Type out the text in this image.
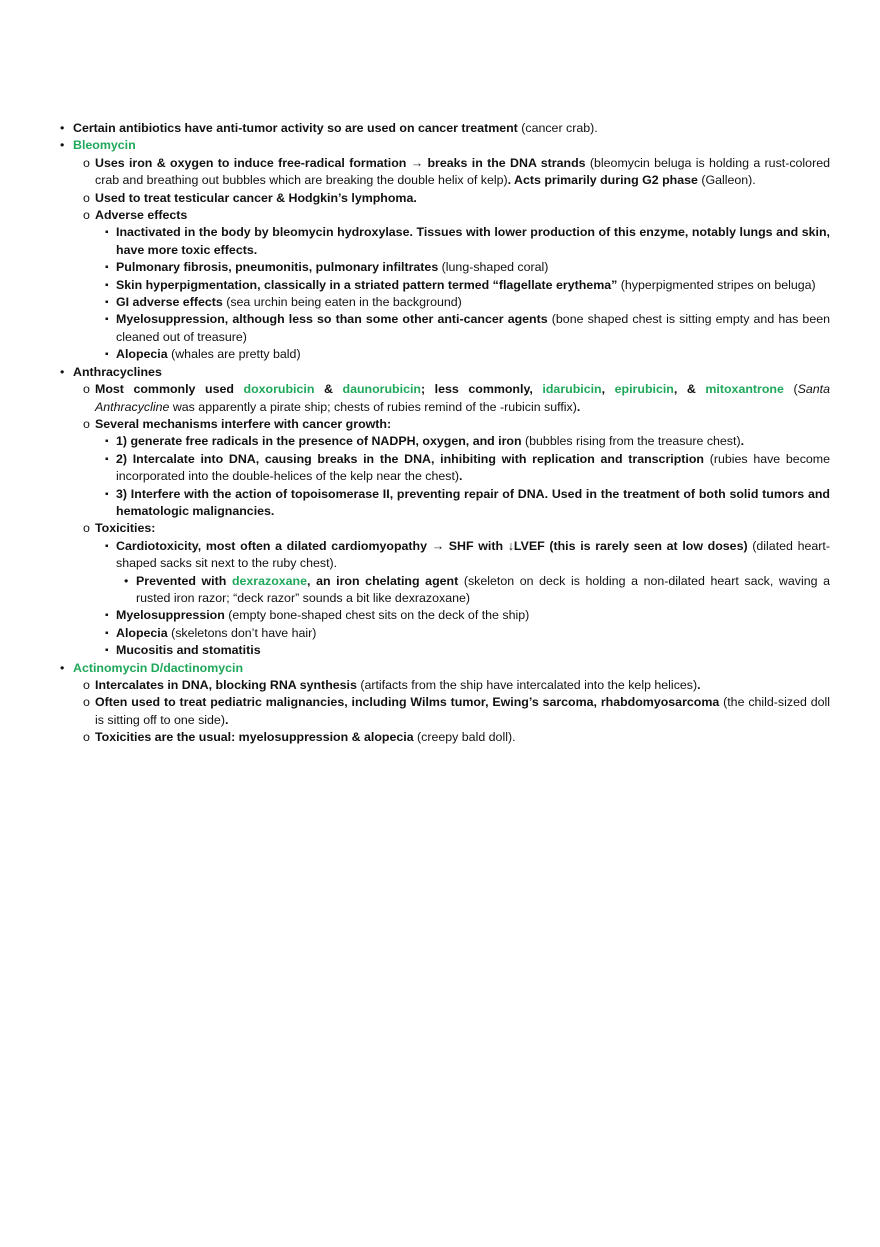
• Certain antibiotics have anti-tumor activity so are used on cancer treatment (cancer crab).
• Bleomycin
o Uses iron & oxygen to induce free-radical formation → breaks in the DNA strands (bleomycin beluga is holding a rust-colored crab and breathing out bubbles which are breaking the double helix of kelp). Acts primarily during G2 phase (Galleon).
o Used to treat testicular cancer & Hodgkin’s lymphoma.
o Adverse effects
▪ Inactivated in the body by bleomycin hydroxylase. Tissues with lower production of this enzyme, notably lungs and skin, have more toxic effects.
▪ Pulmonary fibrosis, pneumonitis, pulmonary infiltrates (lung-shaped coral)
▪ Skin hyperpigmentation, classically in a striated pattern termed “flagellate erythema” (hyperpigmented stripes on beluga)
▪ GI adverse effects (sea urchin being eaten in the background)
▪ Myelosuppression, although less so than some other anti-cancer agents (bone shaped chest is sitting empty and has been cleaned out of treasure)
▪ Alopecia (whales are pretty bald)
• Anthracyclines
o Most commonly used doxorubicin & daunorubicin; less commonly, idarubicin, epirubicin, & mitoxantrone (Santa Anthracycline was apparently a pirate ship; chests of rubies remind of the -rubicin suffix).
o Several mechanisms interfere with cancer growth:
▪ 1) generate free radicals in the presence of NADPH, oxygen, and iron (bubbles rising from the treasure chest).
▪ 2) Intercalate into DNA, causing breaks in the DNA, inhibiting with replication and transcription (rubies have become incorporated into the double-helices of the kelp near the chest).
▪ 3) Interfere with the action of topoisomerase II, preventing repair of DNA. Used in the treatment of both solid tumors and hematologic malignancies.
o Toxicities:
▪ Cardiotoxicity, most often a dilated cardiomyopathy → SHF with ↓LVEF (this is rarely seen at low doses) (dilated heart-shaped sacks sit next to the ruby chest).
• Prevented with dexrazoxane, an iron chelating agent (skeleton on deck is holding a non-dilated heart sack, waving a rusted iron razor; “deck razor” sounds a bit like dexrazoxane)
▪ Myelosuppression (empty bone-shaped chest sits on the deck of the ship)
▪ Alopecia (skeletons don’t have hair)
▪ Mucositis and stomatitis
• Actinomycin D/dactinomycin
o Intercalates in DNA, blocking RNA synthesis (artifacts from the ship have intercalated into the kelp helices).
o Often used to treat pediatric malignancies, including Wilms tumor, Ewing’s sarcoma, rhabdomyosarcoma (the child-sized doll is sitting off to one side).
o Toxicities are the usual: myelosuppression & alopecia (creepy bald doll).
